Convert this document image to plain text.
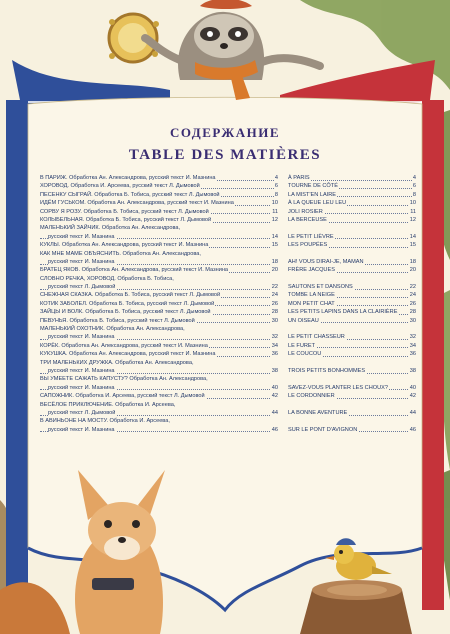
СОДЕРЖАНИЕ
TABLE DES MATIÈRES
В ПАРИЖ. Обработка Ан. Александрова, русский текст И. Мазнина	4
ХОРОВОД. Обработка И. Арсеева, русский текст Л. Дымовой	6
ПЕСЕНКУ СЫГРАЙ. Обработка Б. Тобиса, русский текст Л. Дымовой	8
ИДЁМ ГУСЬКОМ. Обработка Ан. Александрова, русский текст И. Мазнина	10
СОРВУ Я РОЗУ. Обработка Б. Тобиса, русский текст Л. Дымовой	11
КОЛЫБЕЛЬНАЯ. Обработка Б. Тобиса, русский текст Л. Дымовой	12
МАЛЕНЬКИЙ ЗАЙЧИК. Обработка Ан. Александрова,
русский текст И. Мазнина	14
КУКЛЫ. Обработка Ан. Александрова, русский текст И. Мазнина	15
КАК МНЕ МАМЕ ОБЪЯСНИТЬ. Обработка Ан. Александрова,
русский текст И. Мазнина	18
БРАТЕЦ ЯКОВ. Обработка Ан. Александрова, русский текст И. Мазнина	20
СЛОВНО РЕЧКА, ХОРОВОД. Обработка Б. Тобиса,
русский текст Л. Дымовой	22
СНЕЖНАЯ СКАЗКА. Обработка Б. Тобиса, русский текст Л. Дымовой	24
КОТИК ЗАБОЛЕЛ. Обработка Б. Тобиса, русский текст Л. Дымовой	26
ЗАЙЦЫ И ВОЛК. Обработка Б. Тобиса, русский текст Л. Дымовой	28
ПЕВУНЬЯ. Обработка Б. Тобиса, русский текст Л. Дымовой	30
МАЛЕНЬКИЙ ОХОТНИК. Обработка Ан. Александрова,
русский текст И. Мазнина	32
КОРЁК. Обработка Ан. Александрова, русский текст И. Мазнина	34
КУКУШКА. Обработка Ан. Александрова, русский текст И. Мазнина	36
ТРИ МАЛЕНЬКИХ ДРУЖКА. Обработка Ан. Александрова,
русский текст И. Мазнина	38
ВЫ УМЕЕТЕ САЖАТЬ КАПУСТУ? Обработка Ан. Александрова,
русский текст И. Мазнина	40
САПОЖНИК. Обработка И. Арсеева, русский текст Л. Дымовой	42
ВЕСЁЛОЕ ПРИКЛЮЧЕНИЕ. Обработка И. Арсеева,
русский текст Л. Дымовой	44
В АВИНЬОНЕ НА МОСТУ. Обработка И. Арсеева,
русский текст И. Мазнина	46
À PARIS	4
TOURNE DE CÔTÉ	6
LA MIST'EN LAIRE	8
À LA QUEUE LEU LEU	10
JOLI ROSIER	11
LA BERCEUSE	12
LE PETIT LIÈVRE	14
LES POUPÉES	15
AH! VOUS DIRAI-JE, MAMAN	18
FRÈRE JACQUES	20
SAUTONS ET DANSONS	22
TOMBE LA NEIGE	24
MON PETIT CHAT	26
LES PETITS LAPINS DANS LA CLAIRIÈRE 28
UN OISEAU	30
LE PETIT CHASSEUR	32
LE FURET	34
LE COUCOU	36
TROIS PETITS BONHOMMES	38
SAVEZ-VOUS PLANTER LES CHOUX?	40
LE CORDONNIER	42
LA BONNE AVENTURE	44
SUR LE PONT D'AVIGNON	46
